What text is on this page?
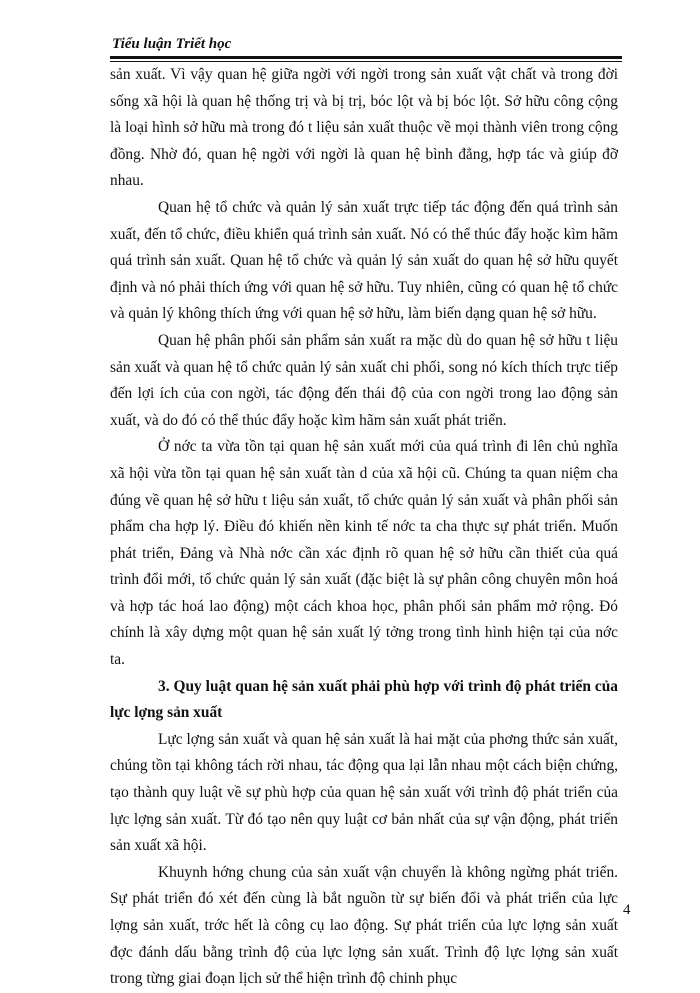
Tiểu luận Triết học

sản xuất. Vì vậy quan hệ giữa ngời với ngời trong sản xuất vật chất và trong đời sống xã hội là quan hệ thống trị và bị trị, bóc lột và bị bóc lột. Sở hữu công cộng là loại hình sở hữu mà trong đó t liệu sản xuất thuộc về mọi thành viên trong cộng đồng. Nhờ đó, quan hệ ngời với ngời là quan hệ bình đẳng, hợp tác và giúp đỡ nhau.

Quan hệ tổ chức và quản lý sản xuất trực tiếp tác động đến quá trình sản xuất, đến tổ chức, điều khiển quá trình sản xuất. Nó có thể thúc đẩy hoặc kìm hãm quá trình sản xuất. Quan hệ tổ chức và quản lý sản xuất do quan hệ sở hữu quyết định và nó phải thích ứng với quan hệ sở hữu. Tuy nhiên, cũng có quan hệ tổ chức và quản lý không thích ứng với quan hệ sở hữu, làm biến dạng quan hệ sở hữu.

Quan hệ phân phối sản phẩm sản xuất ra mặc dù do quan hệ sở hữu t liệu sản xuất và quan hệ tổ chức quản lý sản xuất chi phối, song nó kích thích trực tiếp đến lợi ích của con ngời, tác động đến thái độ của con ngời trong lao động sản xuất, và do đó có thể thúc đẩy hoặc kìm hãm sản xuất phát triển.

Ở nớc ta vừa tồn tại quan hệ sản xuất mới của quá trình đi lên chủ nghĩa xã hội vừa tồn tại quan hệ sản xuất tàn d của xã hội cũ. Chúng ta quan niệm cha đúng về quan hệ sở hữu t liệu sản xuất, tổ chức quản lý sản xuất và phân phối sản phẩm cha hợp lý. Điều đó khiến nền kinh tế nớc ta cha thực sự phát triển. Muốn phát triển, Đảng và Nhà nớc cần xác định rõ quan hệ sở hữu cần thiết của quá trình đổi mới, tổ chức quản lý sản xuất (đặc biệt là sự phân công chuyên môn hoá và hợp tác hoá lao động) một cách khoa học, phân phối sản phẩm mở rộng. Đó chính là xây dựng một quan hệ sản xuất lý tởng trong tình hình hiện tại của nớc ta.

3. Quy luật quan hệ sản xuất phải phù hợp với trình độ phát triển của lực lợng sản xuất

Lực lợng sản xuất và quan hệ sản xuất là hai mặt của phơng thức sản xuất, chúng tồn tại không tách rời nhau, tác động qua lại lẫn nhau một cách biện chứng, tạo thành quy luật về sự phù hợp của quan hệ sản xuất với trình độ phát triển của lực lợng sản xuất. Từ đó tạo nên quy luật cơ bản nhất của sự vận động, phát triển sản xuất xã hội.

Khuynh hớng chung của sản xuất vận chuyển là không ngừng phát triển. Sự phát triển đó xét đến cùng là bắt nguồn từ sự biến đổi và phát triển của lực lợng sản xuất, trớc hết là công cụ lao động. Sự phát triển của lực lợng sản xuất đợc đánh dấu bằng trình độ của lực lợng sản xuất. Trình độ lực lợng sản xuất trong từng giai đoạn lịch sử thể hiện trình độ chinh phục

4
